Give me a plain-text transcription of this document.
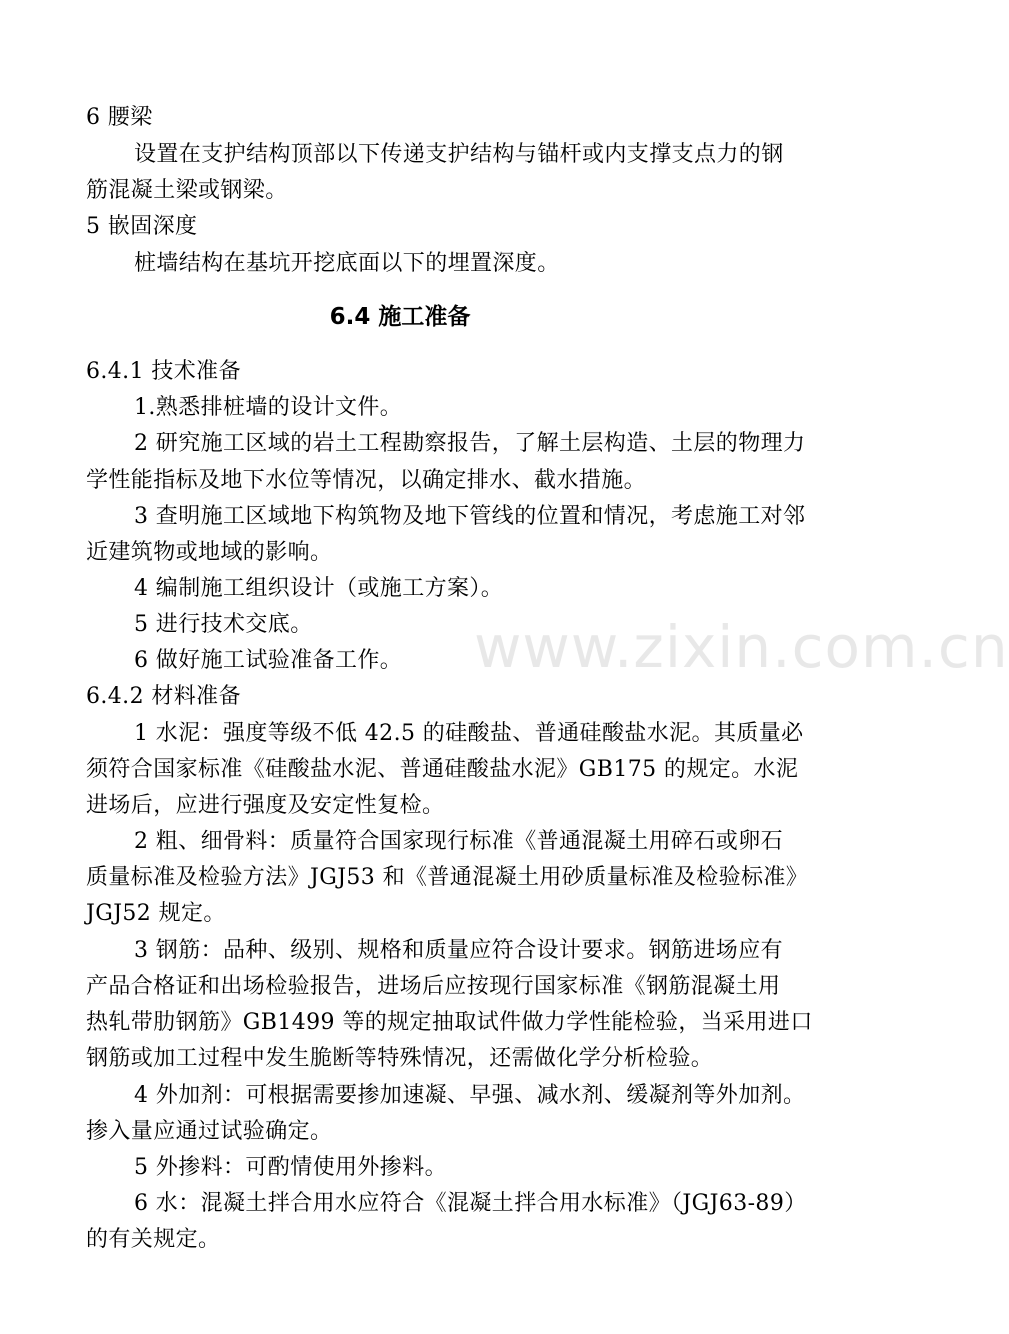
6 腰梁
设置在支护结构顶部以下传递支护结构与锚杆或内支撑支点力的钢
筋混凝土梁或钢梁。
5 嵌固深度
桩墙结构在基坑开挖底面以下的埋置深度。
6.4 施工准备
6.4.1 技术准备
1.熟悉排桩墙的设计文件。
2 研究施工区域的岩土工程勘察报告，了解土层构造、土层的物理力
学性能指标及地下水位等情况，以确定排水、截水措施。
3 查明施工区域地下构筑物及地下管线的位置和情况，考虑施工对邻
近建筑物或地域的影响。
4 编制施工组织设计（或施工方案）。
5 进行技术交底。
6 做好施工试验准备工作。
6.4.2 材料准备
1 水泥：强度等级不低 42.5 的硅酸盐、普通硅酸盐水泥。其质量必
须符合国家标准《硅酸盐水泥、普通硅酸盐水泥》GB175 的规定。水泥
进场后，应进行强度及安定性复检。
2 粗、细骨料：质量符合国家现行标准《普通混凝土用碎石或卵石
质量标准及检验方法》JGJ53 和《普通混凝土用砂质量标准及检验标准》
JGJ52 规定。
3 钢筋：品种、级别、规格和质量应符合设计要求。钢筋进场应有
产品合格证和出场检验报告，进场后应按现行国家标准《钢筋混凝土用
热轧带肋钢筋》GB1499 等的规定抽取试件做力学性能检验，当采用进口
钢筋或加工过程中发生脆断等特殊情况，还需做化学分析检验。
4 外加剂：可根据需要掺加速凝、早强、减水剂、缓凝剂等外加剂。
掺入量应通过试验确定。
5 外掺料：可酌情使用外掺料。
6 水：混凝土拌合用水应符合《混凝土拌合用水标准》（JGJ63-89）
的有关规定。
www.zixin.com.cn
